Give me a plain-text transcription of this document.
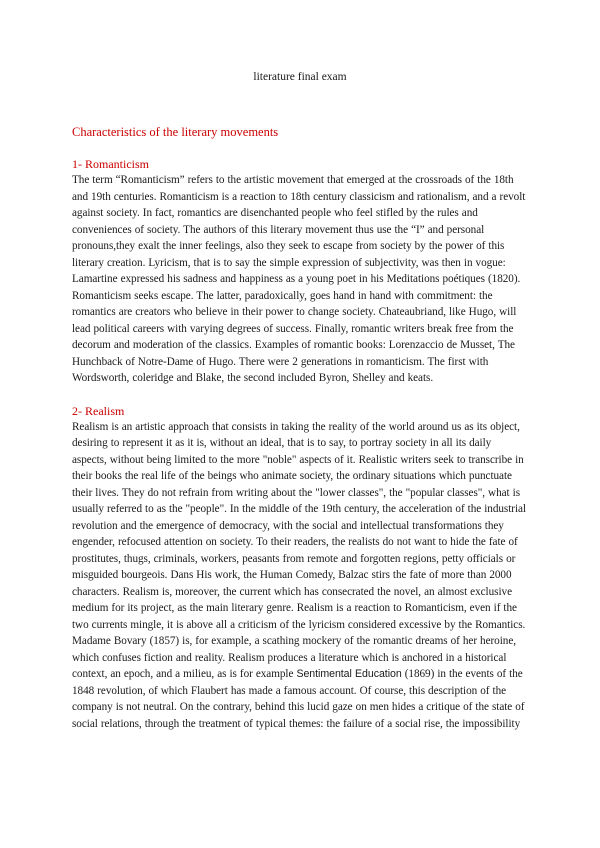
literature final exam
Characteristics of the literary movements
1- Romanticism

The term “Romanticism” refers to the artistic movement that emerged at the crossroads of the 18th and 19th centuries. Romanticism is a reaction to 18th century classicism and rationalism, and a revolt against society. In fact, romantics are disenchanted people who feel stifled by the rules and conveniences of society. The authors of this literary movement thus use the “I” and personal pronouns,they exalt the inner feelings, also they seek to escape from society by the power of this literary creation. Lyricism, that is to say the simple expression of subjectivity, was then in vogue: Lamartine expressed his sadness and happiness as a young poet in his Meditations poétiques (1820). Romanticism seeks escape. The latter, paradoxically, goes hand in hand with commitment: the romantics are creators who believe in their power to change society. Chateaubriand, like Hugo, will lead political careers with varying degrees of success. Finally, romantic writers break free from the decorum and moderation of the classics. Examples of romantic books: Lorenzaccio de Musset, The Hunchback of Notre-Dame of Hugo. There were 2 generations in romanticism. The first with Wordsworth, coleridge and Blake, the second included Byron, Shelley and keats.

2- Realism

Realism is an artistic approach that consists in taking the reality of the world around us as its object, desiring to represent it as it is, without an ideal, that is to say, to portray society in all its daily aspects, without being limited to the more "noble" aspects of it. Realistic writers seek to transcribe in their books the real life of the beings who animate society, the ordinary situations which punctuate their lives. They do not refrain from writing about the "lower classes", the "popular classes", what is usually referred to as the "people". In the middle of the 19th century, the acceleration of the industrial revolution and the emergence of democracy, with the social and intellectual transformations they engender, refocused attention on society. To their readers, the realists do not want to hide the fate of prostitutes, thugs, criminals, workers, peasants from remote and forgotten regions, petty officials or misguided bourgeois. Dans His work, the Human Comedy, Balzac stirs the fate of more than 2000 characters. Realism is, moreover, the current which has consecrated the novel, an almost exclusive medium for its project, as the main literary genre. Realism is a reaction to Romanticism, even if the two currents mingle, it is above all a criticism of the lyricism considered excessive by the Romantics. Madame Bovary (1857) is, for example, a scathing mockery of the romantic dreams of her heroine, which confuses fiction and reality. Realism produces a literature which is anchored in a historical context, an epoch, and a milieu, as is for example Sentimental Education (1869) in the events of the 1848 revolution, of which Flaubert has made a famous account. Of course, this description of the company is not neutral. On the contrary, behind this lucid gaze on men hides a critique of the state of social relations, through the treatment of typical themes: the failure of a social rise, the impossibility
